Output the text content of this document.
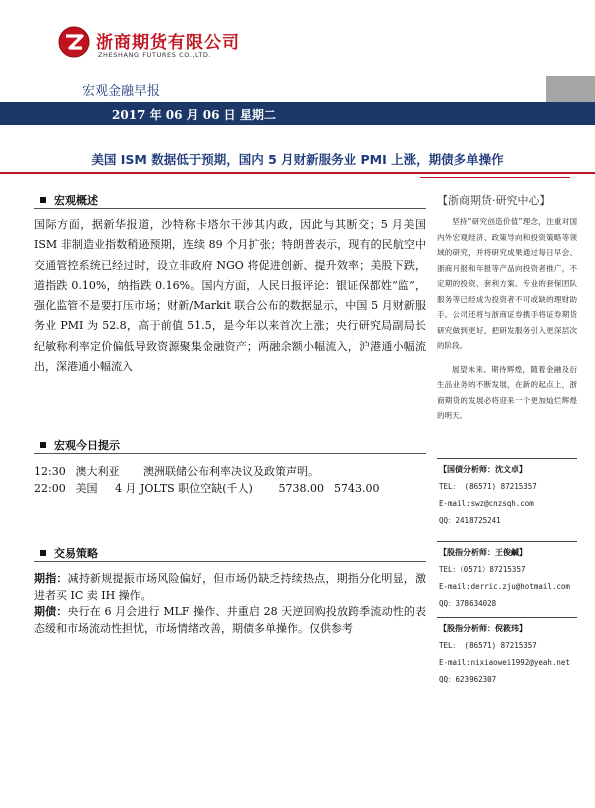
浙商期货有限公司
ZHESHANG FUTURES CO.,LTD.
宏观金融早报
2017 年 06 月 06 日 星期二
美国 ISM 数据低于预期，国内 5 月财新服务业 PMI 上涨，期债多单操作
宏观概述
国际方面，据新华报道，沙特称卡塔尔干涉其内政，因此与其断交；5 月美国 ISM 非制造业指数稍逊预期，连续 89 个月扩张；特朗普表示，现有的民航空中交通管控系统已经过时，设立非政府 NGO 将促进创新、提升效率；美股下跌，道指跌 0.10%，纳指跌 0.16%。国内方面，人民日报评论：银证保都姓“监”，强化监管不是要打压市场；财新/Markit 联合公布的数据显示，中国 5 月财新服务业 PMI 为 52.8，高于前值 51.5，是今年以来首次上涨；央行研究局副局长纪敏称利率定价偏低导致资源聚集金融资产；两融余额小幅流入，沪港通小幅流出，深港通小幅流入
宏观今日提示
12:30 澳大利亚 澳洲联储公布利率决议及政策声明。
22:00 美国 4 月 JOLTS 职位空缺(千人) 5738.00 5743.00
交易策略
期指：减持新规提振市场风险偏好，但市场仍缺乏持续热点，期指分化明显，激进者买 IC 卖 IH 操作。
期债：央行在 6 月会进行 MLF 操作、并重启 28 天逆回购投放跨季流动性的表态缓和市场流动性担忧，市场情绪改善，期债多单操作。仅供参考
【浙商期货·研究中心】

坚持“研究创造价值”理念，注重对国内外宏观经济、政策导向和投资策略等领域的研究，并将研究成果通过每日早会、浙商月报和年报等产品向投资者推广，不定期的投资、套利方案、专业的套保团队服务等已经成为投资者不可或缺的理财助手。公司还将与浙商证券携手将证券期货研究做到更好，把研发服务引入更深层次的阶段。

展望未来、期待辉煌，随着金融及衍生品业务的不断发展，在新的起点上，浙商期货的发展必将迎来一个更加灿烂辉煌的明天。

【国债分析师：沈文卓】
TEL： (86571) 87215357
E-mail:swz@cnzsqh.com
QQ：2418725241
【股指分析师：王俊鹹】
TEL：（0571）87215357
E-mail:derric.zju@hotmail.com
QQ：378634028
【股指分析师：倪筱玮】
TEL： (86571) 87215357
E-mail:nixiaowei1992@yeah.net
QQ：623962307
